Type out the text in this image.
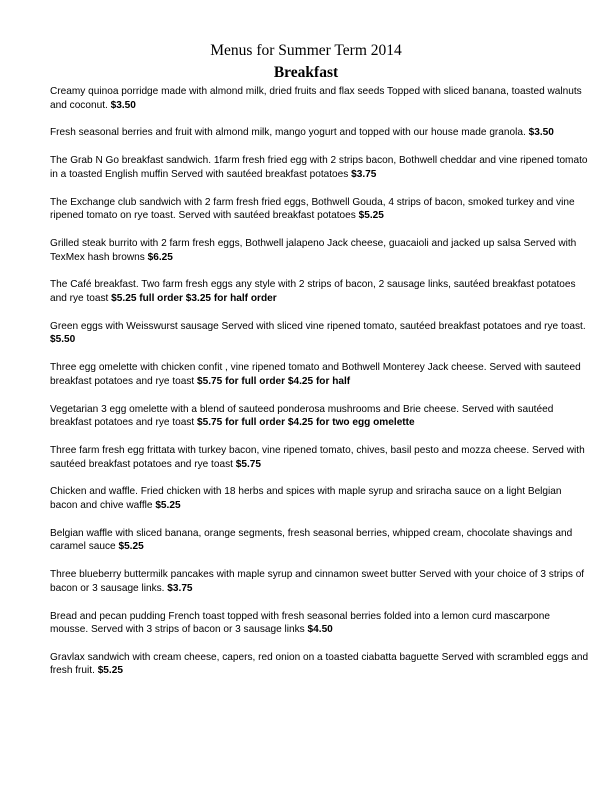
Menus for Summer Term 2014
Breakfast
Creamy quinoa porridge made with almond milk, dried fruits and flax seeds Topped with sliced banana, toasted walnuts and coconut. $3.50
Fresh seasonal berries and fruit with almond milk, mango yogurt and topped with our house made granola. $3.50
The Grab N Go breakfast sandwich. 1farm fresh fried egg with 2 strips bacon, Bothwell cheddar and vine ripened tomato in a toasted English muffin Served with sautéed breakfast potatoes $3.75
The Exchange club sandwich with 2 farm fresh fried eggs, Bothwell Gouda, 4 strips of bacon, smoked turkey and vine ripened tomato on rye toast. Served with sautéed breakfast potatoes $5.25
Grilled steak burrito with 2 farm fresh eggs, Bothwell jalapeno Jack cheese, guacaioli and jacked up salsa Served with TexMex hash browns $6.25
The Café breakfast. Two farm fresh eggs any style with 2 strips of bacon, 2 sausage links, sautéed breakfast potatoes and rye toast $5.25 full order $3.25 for half order
Green eggs with Weisswurst sausage Served with sliced vine ripened tomato, sautéed breakfast potatoes and rye toast. $5.50
Three egg omelette with chicken confit , vine ripened tomato and Bothwell Monterey Jack cheese. Served with sauteed breakfast potatoes and rye toast $5.75 for full order $4.25 for half
Vegetarian 3 egg omelette with a blend of sauteed ponderosa mushrooms and Brie cheese. Served with sautéed breakfast potatoes and rye toast $5.75 for full order $4.25 for two egg omelette
Three farm fresh egg frittata with turkey bacon, vine ripened tomato, chives, basil pesto and mozza cheese. Served with sautéed breakfast potatoes and rye toast $5.75
Chicken and waffle. Fried chicken with 18 herbs and spices with maple syrup and sriracha sauce on a light Belgian bacon and chive waffle $5.25
Belgian waffle with sliced banana, orange segments, fresh seasonal berries, whipped cream, chocolate shavings and caramel sauce $5.25
Three blueberry buttermilk pancakes with maple syrup and cinnamon sweet butter Served with your choice of 3 strips of bacon or 3 sausage links. $3.75
Bread and pecan pudding French toast topped with fresh seasonal berries folded into a lemon curd mascarpone mousse. Served with 3 strips of bacon or 3 sausage links $4.50
Gravlax sandwich with cream cheese, capers, red onion on a toasted ciabatta baguette Served with scrambled eggs and fresh fruit. $5.25
